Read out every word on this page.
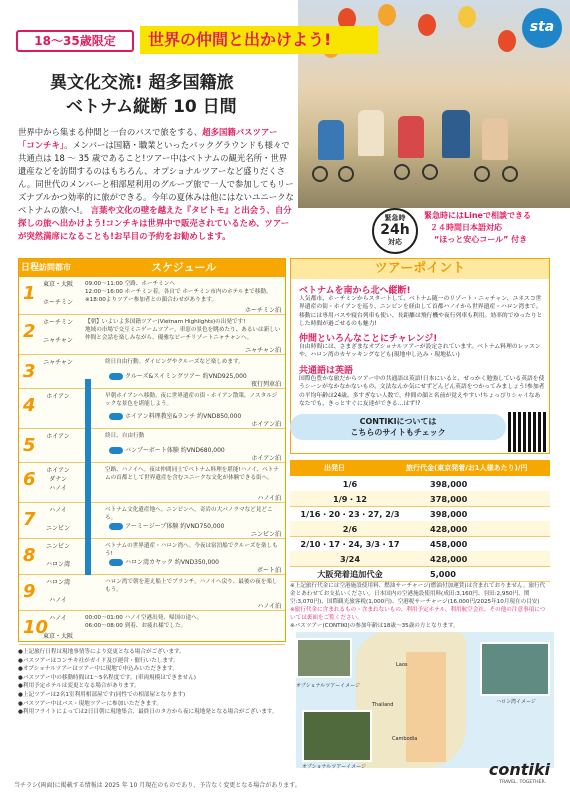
sta
18～35歳限定	世界の仲間と出かけよう!
異文化交流! 超多国籍旅
ベトナム縦断 10 日間
世界中から集まる仲間と一台のバスで旅をする、超多国籍バスツアー「コンチキ」。メンバーは国籍・職業といったバックグラウンドも様々で共通点は 18 ～ 35 歳であること!ツアー中はベトナムの観光名所・世界遺産などを訪問するのはもちろん、オプショナルツアーなど盛りだくさん。同世代のメンバーと相部屋利用のグループ旅で一人で参加してもリーズナブルかつ効率的に旅ができる。今年の夏休みは他にはないユニークなベトナムの旅へ!。 言葉や文化の壁を越えた『タビトモ』と出会う、自分探しの旅へ出かけよう!コンチキは世界中で販売されているため、ツアーが突然満席になることも!お早目の予約をお勧めします。
緊急時
24h
対応
緊急時にはLineで相談できる
２４時間日本語対応
“ほっと安心コール” 付き
日程 訪問都市	スケジュール
1	東京・大阪

ホーチミン
09:00～11:00 空路、ホーチミンへ
12:00～16:00 ホーチミン着。各自で ホーチミン市内のホテルまで移動。
※18:00よりツアー参加者との顔合わせがあります。
ホーチミン泊
2	ホーチミン

ニャチャン
【朝】いよいよ多国籍ツアー(Vietnam Highlights)の出発です!
地域の市場で交互ミニゲームツアー。車窓の景色を眺めたり、あるいは新しい仲間と会話を楽しみながら、優雅なビーチリゾートニャチャンへ。
ニャチャン泊
3	ニャチャン	終日自由行動。ダイビングやクルーズなど楽しめます。
クルーズ&スイミングツアー 約VND925,000
夜行列車泊
4	ホイアン	早朝ホイアンへ移動。夜に世界遺産の街・ホイアン散策。ノスタルジックな景色を堪能しよう。
ホイアン料理教室&ランチ 約VND850,000
ホイアン泊
5	ホイアン	終日、自由行動
バンブーボート体験 約VND680,000
ホイアン泊
6	ホイアン
ダナン
ハノイ
空路、ハノイへ。夜は仲間同士でベトナム料理を堪能!ハノイ、ベトナムの首都として世界遺産を含むユニークな文化が体験できる街へ。
ハノイ泊
7	ハノイ

ニンビン
ベトナム文化遺産地へ。ニンビンへ。奇岩の大パノラマなど見どころ。
アーミージープ体験 約VND750,000
ニンビン泊
8	ニンビン

ハロン湾
ベトナムの世界遺産・ハロン湾へ。今夜は宿泊船でクルーズを楽しもう!
ハロン湾カヤック 約VND350,000
ボート泊
9	ハロン湾

ハノイ
ハロン湾で朝を迎え船上でブランチ。ハノイへ戻り、最後の夜を楽しもう。
ハノイ泊
10 ハノイ

東京・大阪
00:00～01:00 ハノイ空港出発、帰国の途へ。
06:00～08:00 到着、お疲れ様でした。
ツアーポイント
ベトナムを南から北へ縦断!
人気都市、ホーチミンからスタートして、ベトナム随一のリゾート・ニャチャン、ユネスコ世界遺産の街・ホイアンを巡り、ニンビンを経由して首都ハノイから世界遺産・ハロン湾まで。移動には専用バスや寝台列車も使い、長距離は飛行機や夜行列車も利用。効率的でゆったりとした時間が過ごせるのも魅力!
仲間といろんなことにチャレンジ!
自由時間には、さまざまなオプショナルツアーが設定されています。ベトナム料理のレッスンや、ハロン湾のカヤッキングなども(現地申し込み・現地払い)
共通語は英語
国際色豊かな旅だからツアー中の共通語は英語!日本にいると、せっかく勉強している英語を使うシーンがなかなかないもの。文法なんか気にせずどんどん英語をつかってみましょう!参加者の平均年齢は24歳。多すぎない人数で、仲間の顔と名前が覚えやすい!ちょっぴりシャイなあなたでも、きっとすぐに友達ができる…はず!?
CONTIKIについては
こちらのサイトもチェック
出発日	旅行代金(東京発着/お1人様あたり)/円
1/6	398,000
1/9・12	378,000
1/16・20・23・27, 2/3	398,000
2/6	428,000
2/10・17・24, 3/3・17	458,000
3/24	428,000
大阪発着追加代金	5,000
※上記旅行代金には空港施設使用料、燃油サーチャージ(燃油付加運賃)は含まれておりません。旅行代金とあわせてお支払いください。日本国内の空港施設使用料(成田:3,160円、羽田:2,950円、関空:3,070円)、国際観光旅客税(1,000円)、空港税サーチャージ(16,000円/2025年10月現在の目安)
※旅行代金に含まれるもの・含まれないもの、利用予定ホテル、利用航空会社、その他の注意事項については裏面をご覧ください。
※バスツアー(CONTIKI)の参加年齢は18歳～35歳の方となります。
●上記旅行日程は現地事情等により変更となる場合がございます。
●バスツアーはコンチキ社がガイド及び運営・催行いたします。
●オプショナルツアーはツアー中に現地で申込みいただきます。
●バスツアー中の移動時間は1～5名程度です。(車両規模はできません)
●利用予定ホテルは変更となる場合があります。
●上記ツアーは2名1室利用相部屋です(同性での相部屋となります)
●バスツアー中はバス・現地ツアーに参加いただきます。
●利用フライトによっては2日目朝に現地集合、最終日のタ方から夜に現地発となる場合がございます。
Laos
Thailand
Cambodia
オプショナルツアーイメージ
ハロン湾イメージ
オプショナルツアーイメージ
当チラシ(両面)に掲載する情報は 2025 年 10 月現在のものであり、予告なく変更となる場合があります。
contiki
TRAVEL. TOGETHER.
